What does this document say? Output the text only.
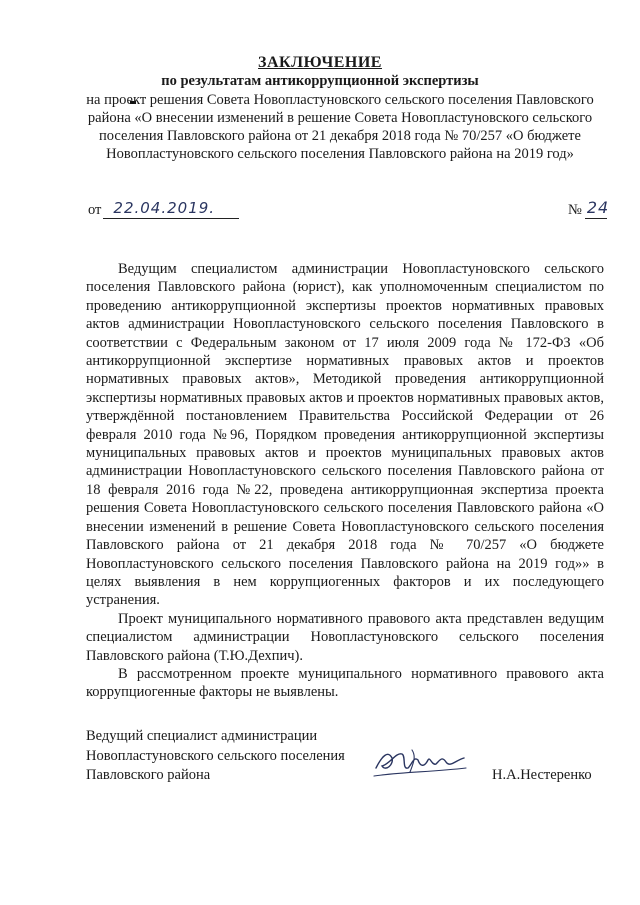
ЗАКЛЮЧЕНИЕ
по результатам антикоррупционной экспертизы
на проект решения Совета Новопластуновского сельского поселения Павловского района «О внесении изменений в решение Совета Новопластуновского сельского поселения Павловского района от 21 декабря 2018 года № 70/257 «О бюджете Новопластуновского сельского поселения Павловского района на 2019 год»
от 22.04.2019.	№ 24

Ведущим специалистом администрации Новопластуновского сельского поселения Павловского района (юрист), как уполномоченным специалистом по проведению антикоррупционной экспертизы проектов нормативных правовых актов администрации Новопластуновского сельского поселения Павловского в соответствии с Федеральным законом от 17 июля 2009 года № 172-ФЗ «Об антикоррупционной экспертизе нормативных правовых актов и проектов нормативных правовых актов», Методикой проведения антикоррупционной экспертизы нормативных правовых актов и проектов нормативных правовых актов, утверждённой постановлением Правительства Российской Федерации от 26 февраля 2010 года №96, Порядком проведения антикоррупционной экспертизы муниципальных правовых актов и проектов муниципальных правовых актов администрации Новопластуновского сельского поселения Павловского района от 18 февраля 2016 года №22, проведена антикоррупционная экспертиза проекта решения Совета Новопластуновского сельского поселения Павловского района «О внесении изменений в решение Совета Новопластуновского сельского поселения Павловского района от 21 декабря 2018 года № 70/257 «О бюджете Новопластуновского сельского поселения Павловского района на 2019 год»» в целях выявления в нем коррупциогенных факторов и их последующего устранения.

Проект муниципального нормативного правового акта представлен ведущим специалистом администрации Новопластуновского сельского поселения Павловского района (Т.Ю.Дехпич).

В рассмотренном проекте муниципального нормативного правового акта коррупциогенные факторы не выявлены.

Ведущий специалист администрации
Новопластуновского сельского поселения
Павловского района	Н.А.Нестеренко
